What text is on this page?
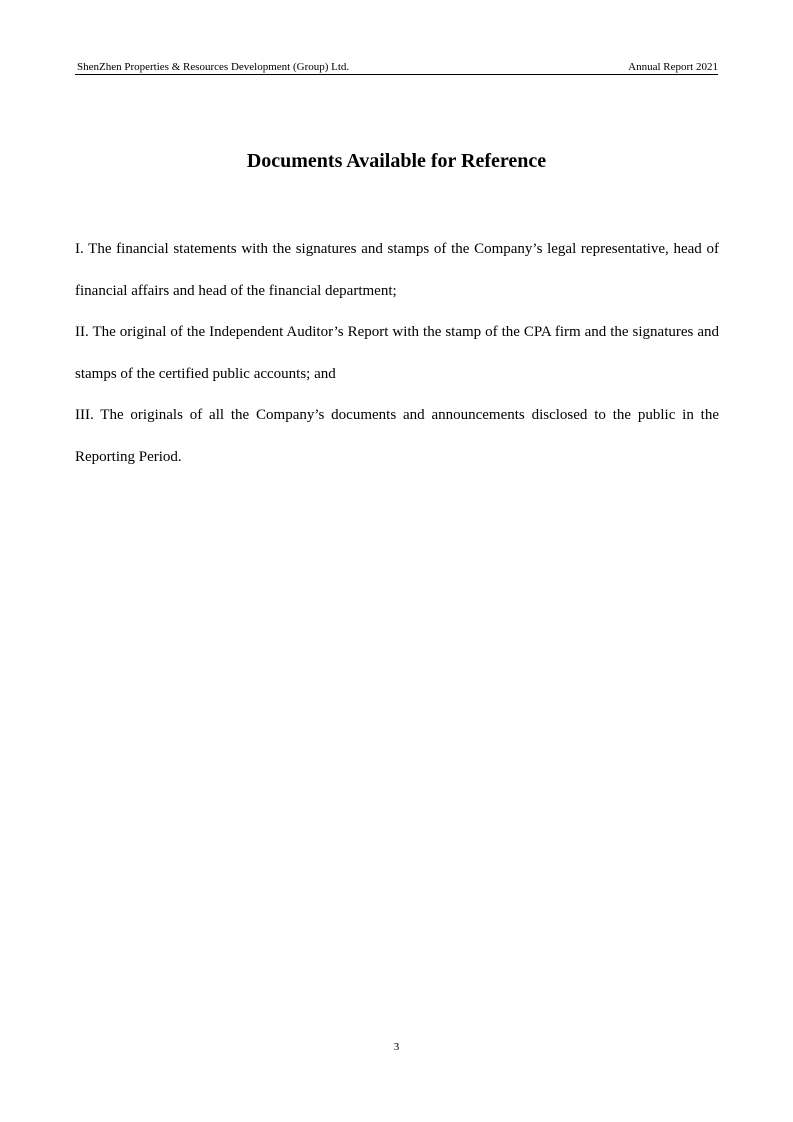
ShenZhen Properties & Resources Development (Group) Ltd.	Annual Report 2021
Documents Available for Reference

I. The financial statements with the signatures and stamps of the Company’s legal representative, head of financial affairs and head of the financial department;

II. The original of the Independent Auditor’s Report with the stamp of the CPA firm and the signatures and stamps of the certified public accounts; and

III. The originals of all the Company’s documents and announcements disclosed to the public in the Reporting Period.

3
